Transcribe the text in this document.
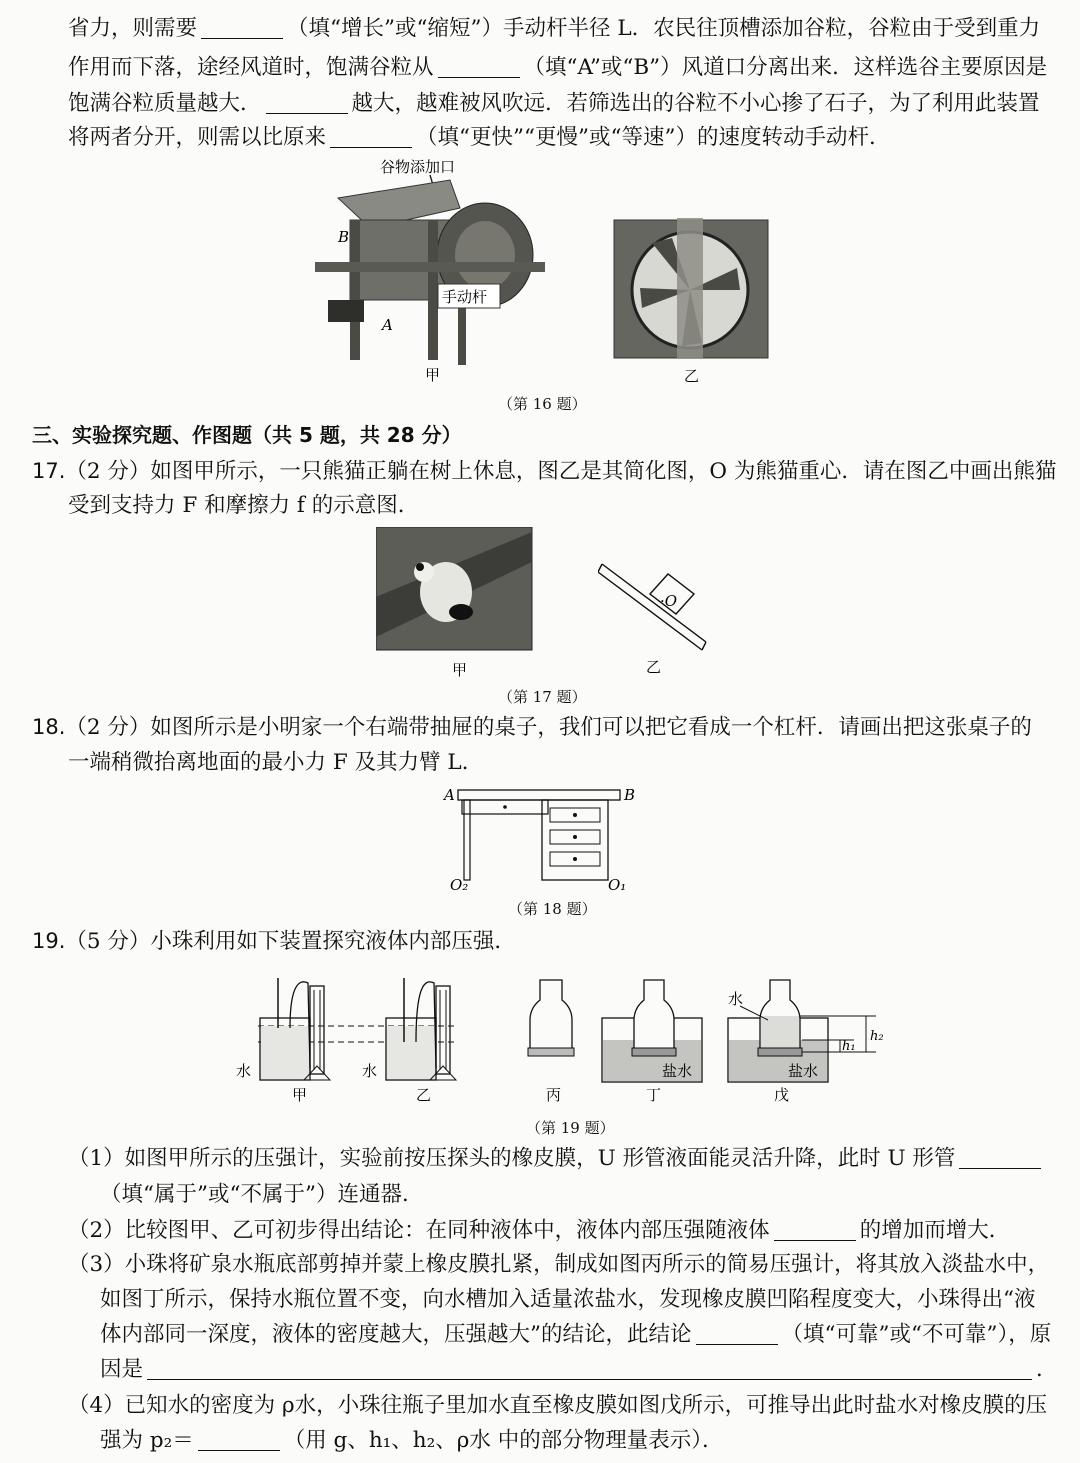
省力，则需要	（填“增长”或“缩短”）手动杆半径 L．农民往顶槽添加谷粒，谷粒由于受到重力
作用而下落，途经风道时，饱满谷粒从	（填“A”或“B”）风道口分离出来．这样选谷主要原因是
饱满谷粒质量越大．	越大，越难被风吹远．若筛选出的谷粒不小心掺了石子，为了利用此装置
将两者分开，则需以比原来	（填“更快”“更慢”或“等速”）的速度转动手动杆．
谷物添加口
B
A
手动杆
甲	乙
（第 16 题）
三、实验探究题、作图题（共 5 题，共 28 分）
17.（2 分）如图甲所示，一只熊猫正躺在树上休息，图乙是其简化图，O 为熊猫重心．请在图乙中画出熊猫
受到支持力 F 和摩擦力 f 的示意图．
甲
·O
乙
（第 17 题）
18.（2 分）如图所示是小明家一个右端带抽屉的桌子，我们可以把它看成一个杠杆．请画出把这张桌子的
一端稍微抬离地面的最小力 F 及其力臂 L．
A	B
O₂	O₁
（第 18 题）
19.（5 分）小珠利用如下装置探究液体内部压强．
水
甲
水
乙	丙
盐水
丁
水
盐水
h₁
h₂
戊
（第 19 题）
（1）如图甲所示的压强计，实验前按压探头的橡皮膜，U 形管液面能灵活升降，此时 U 形管
（填“属于”或“不属于”）连通器．
（2）比较图甲、乙可初步得出结论：在同种液体中，液体内部压强随液体	的增加而增大．
（3）小珠将矿泉水瓶底部剪掉并蒙上橡皮膜扎紧，制成如图丙所示的简易压强计，将其放入淡盐水中，
如图丁所示，保持水瓶位置不变，向水槽加入适量浓盐水，发现橡皮膜凹陷程度变大，小珠得出“液
体内部同一深度，液体的密度越大，压强越大”的结论，此结论	（填“可靠”或“不可靠”），原
因是	．
（4）已知水的密度为 ρ水，小珠往瓶子里加水直至橡皮膜如图戊所示，可推导出此时盐水对橡皮膜的压
强为 p₂＝	（用 g、h₁、h₂、ρ水 中的部分物理量表示）．
